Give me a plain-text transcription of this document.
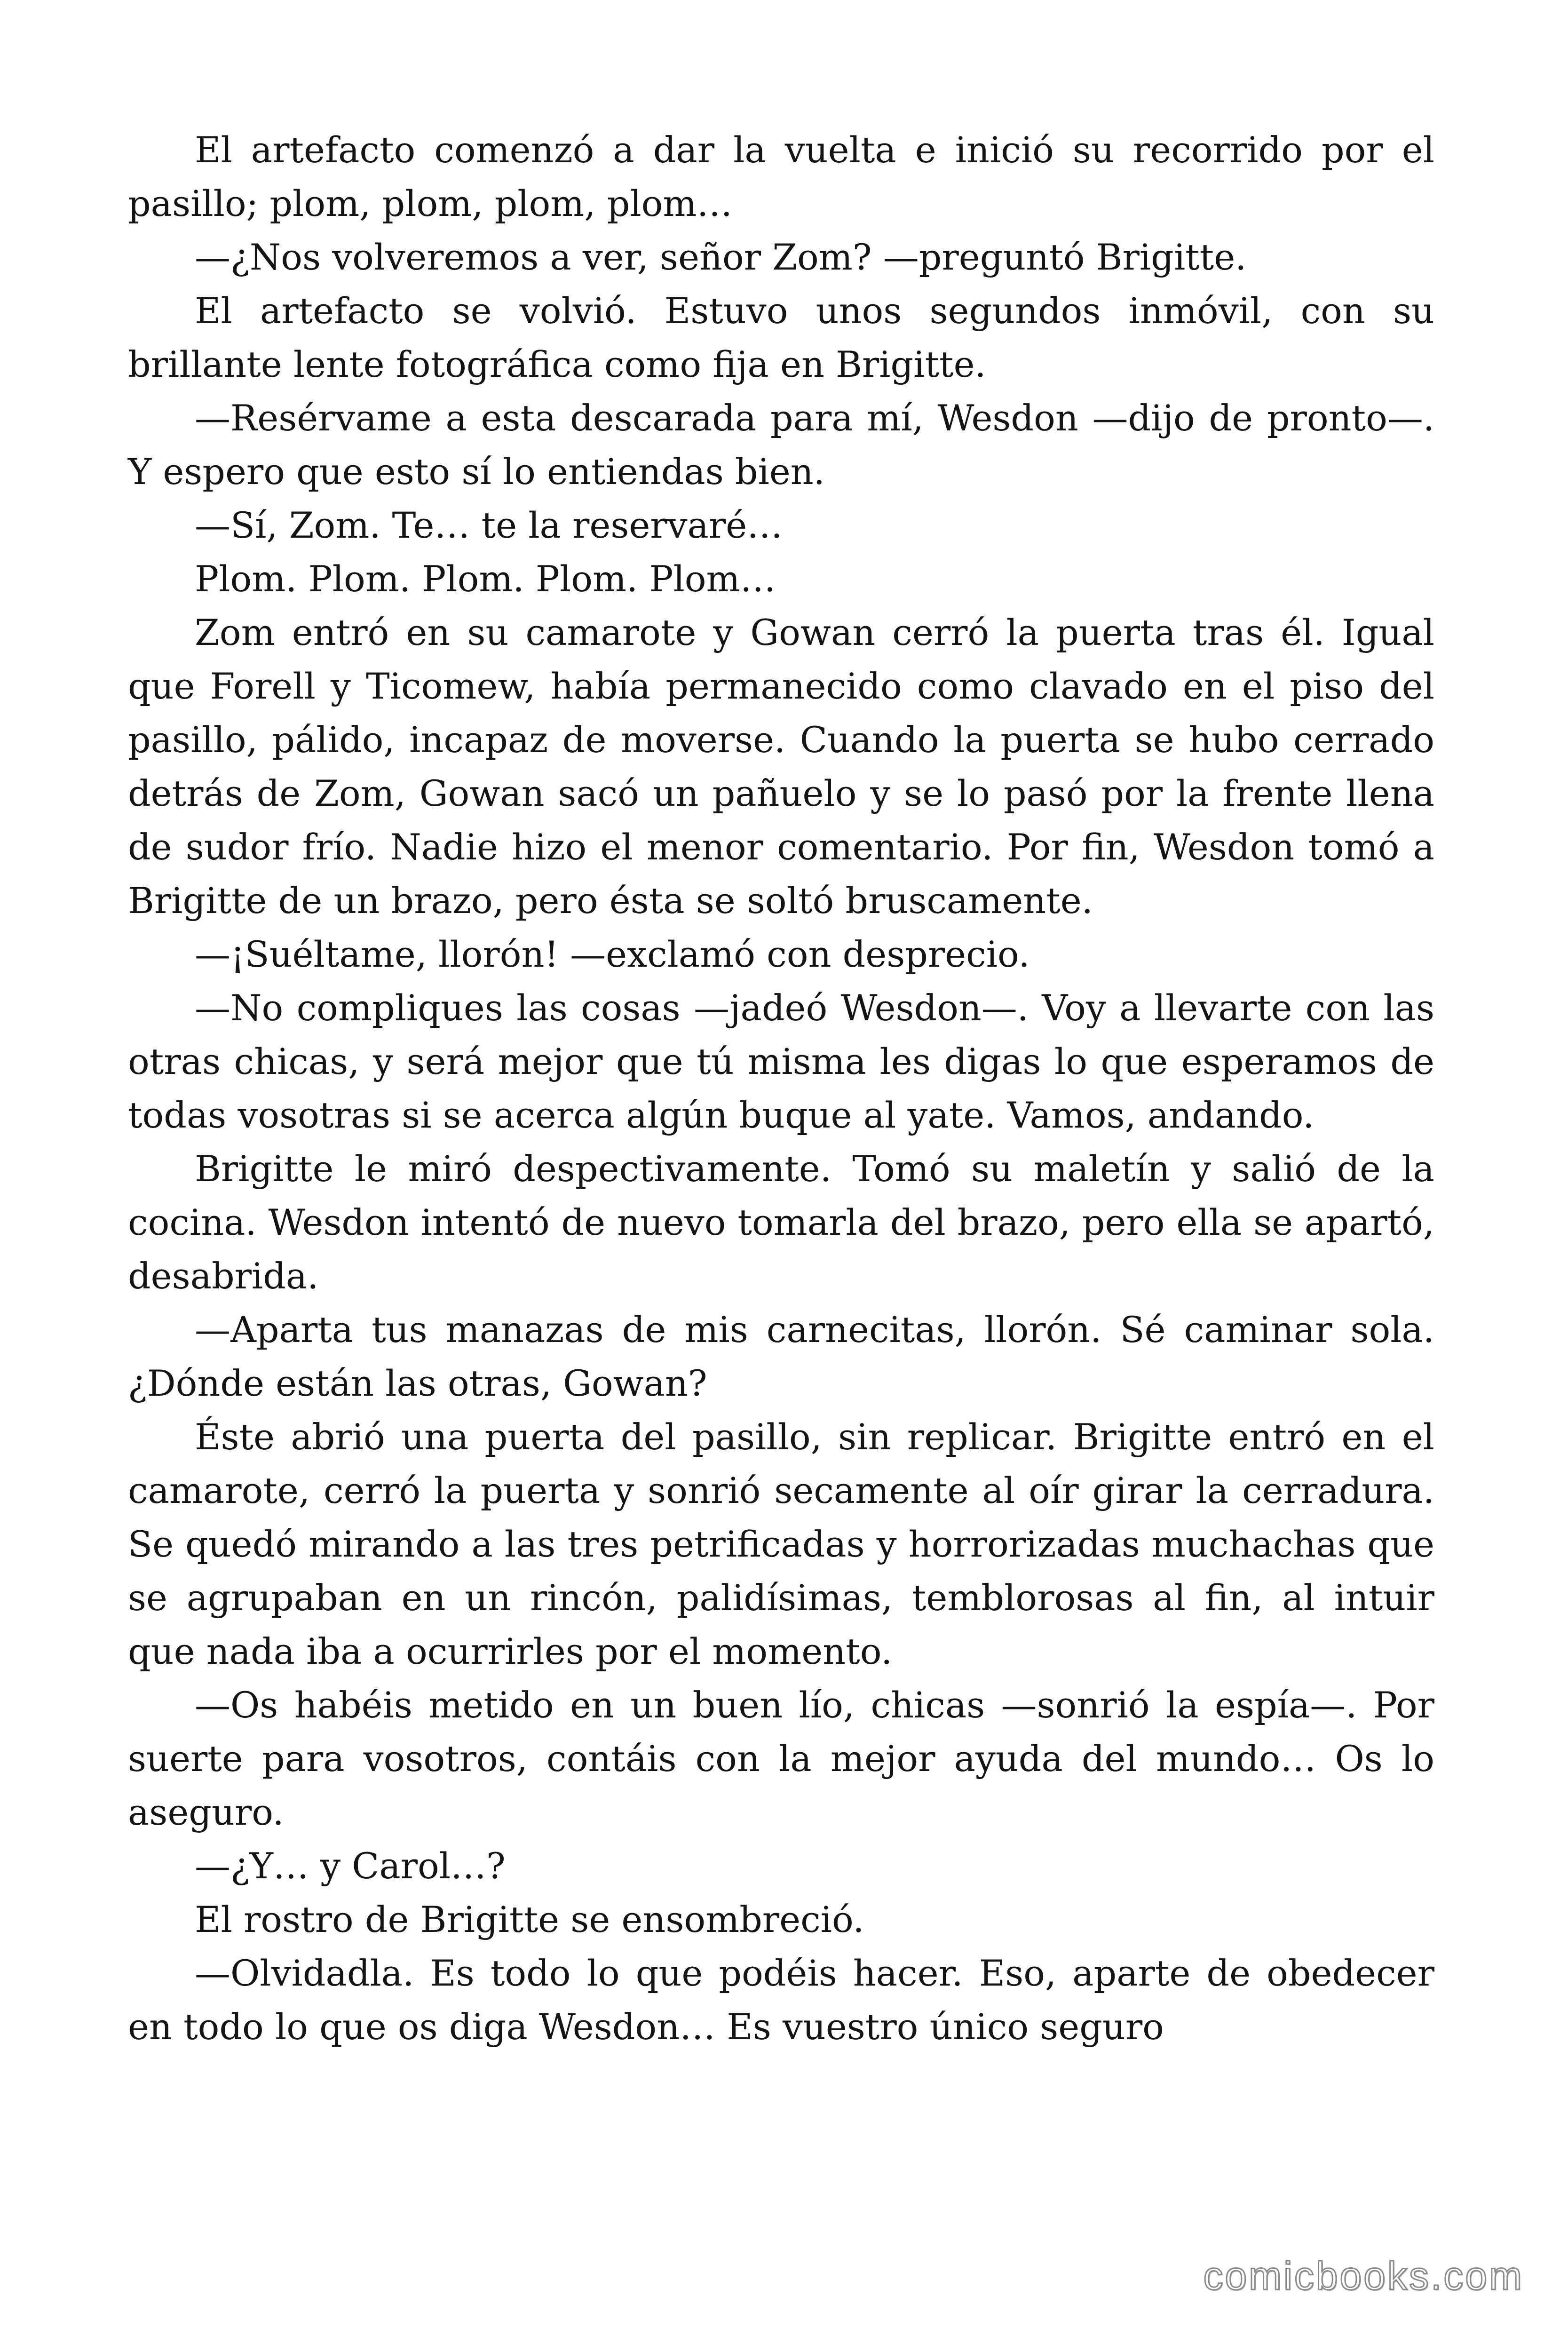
El artefacto comenzó a dar la vuelta e inició su recorrido por el pasillo; plom, plom, plom, plom…

—¿Nos volveremos a ver, señor Zom? —preguntó Brigitte.

El artefacto se volvió. Estuvo unos segundos inmóvil, con su brillante lente fotográfica como fija en Brigitte.

—Resérvame a esta descarada para mí, Wesdon —dijo de pronto—. Y espero que esto sí lo entiendas bien.

—Sí, Zom. Te… te la reservaré…

Plom. Plom. Plom. Plom. Plom…

Zom entró en su camarote y Gowan cerró la puerta tras él. Igual que Forell y Ticomew, había permanecido como clavado en el piso del pasillo, pálido, incapaz de moverse. Cuando la puerta se hubo cerrado detrás de Zom, Gowan sacó un pañuelo y se lo pasó por la frente llena de sudor frío. Nadie hizo el menor comentario. Por fin, Wesdon tomó a Brigitte de un brazo, pero ésta se soltó bruscamente.

—¡Suéltame, llorón! —exclamó con desprecio.

—No compliques las cosas —jadeó Wesdon—. Voy a llevarte con las otras chicas, y será mejor que tú misma les digas lo que esperamos de todas vosotras si se acerca algún buque al yate. Vamos, andando.

Brigitte le miró despectivamente. Tomó su maletín y salió de la cocina. Wesdon intentó de nuevo tomarla del brazo, pero ella se apartó, desabrida.

—Aparta tus manazas de mis carnecitas, llorón. Sé caminar sola. ¿Dónde están las otras, Gowan?

Éste abrió una puerta del pasillo, sin replicar. Brigitte entró en el camarote, cerró la puerta y sonrió secamente al oír girar la cerradura. Se quedó mirando a las tres petrificadas y horrorizadas muchachas que se agrupaban en un rincón, palidísimas, temblorosas al fin, al intuir que nada iba a ocurrirles por el momento.

—Os habéis metido en un buen lío, chicas —sonrió la espía—. Por suerte para vosotros, contáis con la mejor ayuda del mundo… Os lo aseguro.

—¿Y… y Carol…?

El rostro de Brigitte se ensombreció.

—Olvidadla. Es todo lo que podéis hacer. Eso, aparte de obedecer en todo lo que os diga Wesdon… Es vuestro único seguro

comicbooks.com
